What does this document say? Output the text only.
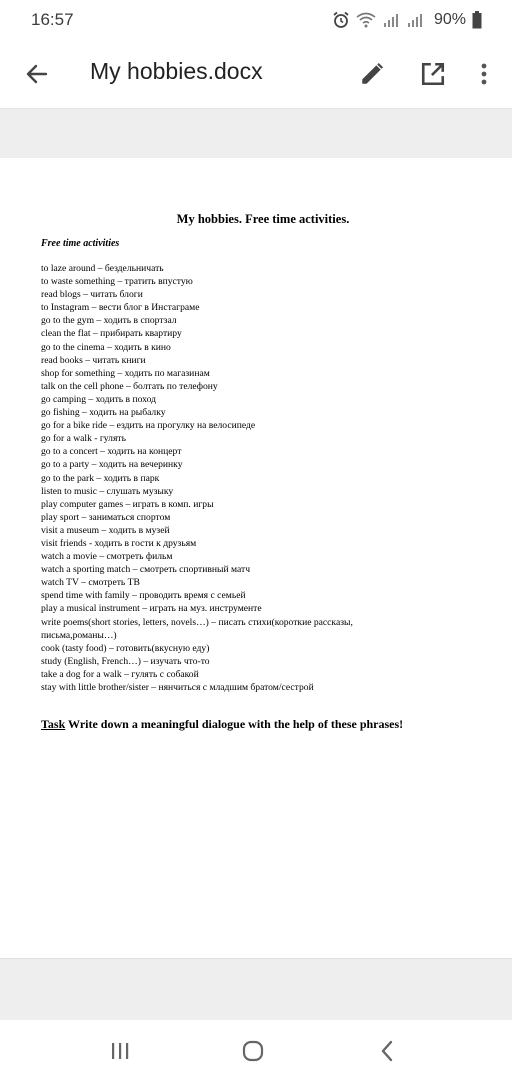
16:57	90%
My hobbies.docx
My hobbies. Free time activities.
Free time activities
to laze around – бездельничать
to waste something – тратить впустую
read blogs – читать блоги
to Instagram – вести блог в Инстаграме
go to the gym – ходить в спортзал
clean the flat – прибирать квартиру
go to the cinema – ходить в кино
read books – читать книги
shop for something – ходить по магазинам
talk on the cell phone – болтать по телефону
go camping – ходить в поход
go fishing – ходить на рыбалку
go for a bike ride – ездить на прогулку на велосипеде
go for a walk - гулять
go to a concert – ходить на концерт
go to a party – ходить на вечеринку
go to the park – ходить в парк
listen to music – слушать музыку
play computer games – играть в комп. игры
play sport – заниматься спортом
visit a museum – ходить в музей
visit friends - ходить в гости к друзьям
watch a movie – смотреть фильм
watch a sporting match – смотреть спортивный матч
watch TV – смотреть ТВ
spend time with family – проводить время с семьей
play a musical instrument – играть на муз. инструменте
write poems(short stories, letters, novels…) – писать стихи(короткие рассказы,
письма,романы…)
cook (tasty food) – готовить(вкусную еду)
study (English, French…) – изучать что-то
take a dog for a walk – гулять с собакой
stay with little brother/sister – нянчиться с младшим братом/сестрой
Task Write down a meaningful dialogue with the help of these phrases!
